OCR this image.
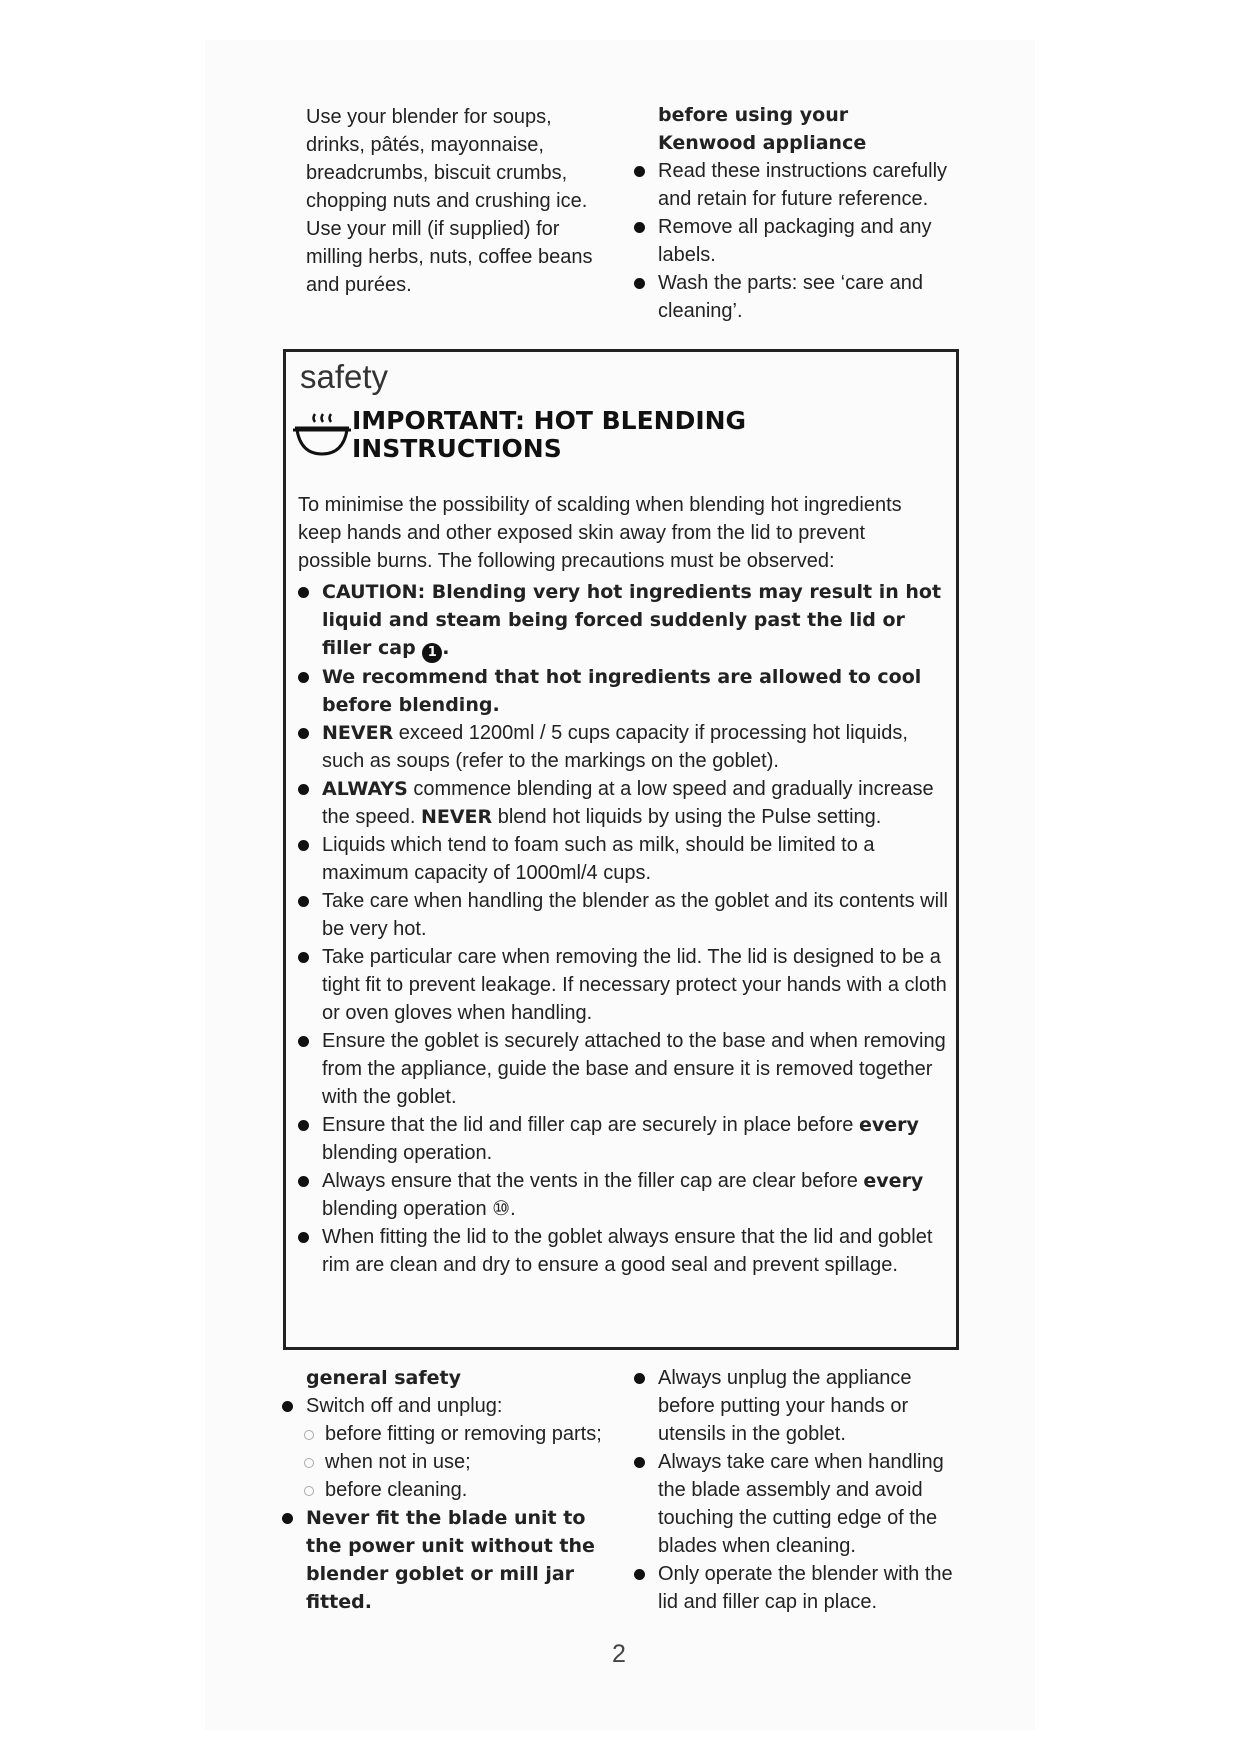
Use your blender for soups, drinks, pâtés, mayonnaise, breadcrumbs, biscuit crumbs, chopping nuts and crushing ice. Use your mill (if supplied) for milling herbs, nuts, coffee beans and purées.
before using your
Kenwood appliance
Read these instructions carefully and retain for future reference.
Remove all packaging and any labels.
Wash the parts: see ‘care and cleaning’.
safety
IMPORTANT: HOT BLENDING
INSTRUCTIONS
To minimise the possibility of scalding when blending hot ingredients keep hands and other exposed skin away from the lid to prevent possible burns. The following precautions must be observed:
CAUTION: Blending very hot ingredients may result in hot liquid and steam being forced suddenly past the lid or filler cap 1 .
We recommend that hot ingredients are allowed to cool before blending.
NEVER exceed 1200ml / 5 cups capacity if processing hot liquids, such as soups (refer to the markings on the goblet).
ALWAYS commence blending at a low speed and gradually increase the speed. NEVER blend hot liquids by using the Pulse setting.
Liquids which tend to foam such as milk, should be limited to a maximum capacity of 1000ml/4 cups.
Take care when handling the blender as the goblet and its contents will be very hot.
Take particular care when removing the lid. The lid is designed to be a tight fit to prevent leakage. If necessary protect your hands with a cloth or oven gloves when handling.
Ensure the goblet is securely attached to the base and when removing from the appliance, guide the base and ensure it is removed together with the goblet.
Ensure that the lid and filler cap are securely in place before every blending operation.
Always ensure that the vents in the filler cap are clear before every blending operation ⑩.
When fitting the lid to the goblet always ensure that the lid and goblet rim are clean and dry to ensure a good seal and prevent spillage.
general safety
Switch off and unplug:
before fitting or removing parts;
when not in use;
before cleaning.
Never fit the blade unit to the power unit without the blender goblet or mill jar fitted.
Always unplug the appliance before putting your hands or utensils in the goblet.
Always take care when handling the blade assembly and avoid touching the cutting edge of the blades when cleaning.
Only operate the blender with the lid and filler cap in place.
2
